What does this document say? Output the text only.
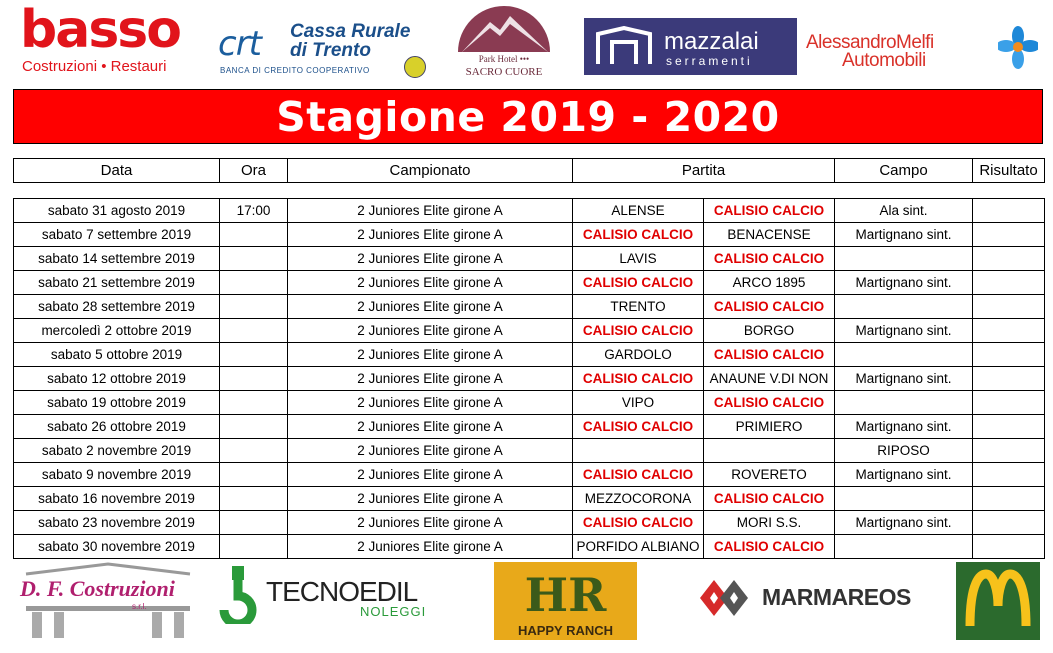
basso
Costruzioni • Restauri
crt Cassa Rurale
di Trento
BANCA DI CREDITO COOPERATIVO
Park Hotel •••
SACRO CUORE
mazzalai
serramenti
AlessandroMelfi
Automobili
Stagione 2019 - 2020
Data	Ora	Campionato	Partita	Campo	Risultato
sabato 31 agosto 2019	17:00	2 Juniores Elite girone A	ALENSE	CALISIO CALCIO	Ala sint.	
sabato 7 settembre 2019		2 Juniores Elite girone A	CALISIO CALCIO	BENACENSE	Martignano sint.	
sabato 14 settembre 2019		2 Juniores Elite girone A	LAVIS	CALISIO CALCIO		
sabato 21 settembre 2019		2 Juniores Elite girone A	CALISIO CALCIO	ARCO 1895	Martignano sint.	
sabato 28 settembre 2019		2 Juniores Elite girone A	TRENTO	CALISIO CALCIO		
mercoledì 2 ottobre 2019		2 Juniores Elite girone A	CALISIO CALCIO	BORGO	Martignano sint.	
sabato 5 ottobre 2019		2 Juniores Elite girone A	GARDOLO	CALISIO CALCIO		
sabato 12 ottobre 2019		2 Juniores Elite girone A	CALISIO CALCIO	ANAUNE V.DI NON	Martignano sint.	
sabato 19 ottobre 2019		2 Juniores Elite girone A	VIPO	CALISIO CALCIO		
sabato 26 ottobre 2019		2 Juniores Elite girone A	CALISIO CALCIO	PRIMIERO	Martignano sint.	
sabato 2 novembre 2019		2 Juniores Elite girone A			RIPOSO	
sabato 9 novembre 2019		2 Juniores Elite girone A	CALISIO CALCIO	ROVERETO	Martignano sint.	
sabato 16 novembre 2019		2 Juniores Elite girone A	MEZZOCORONA	CALISIO CALCIO		
sabato 23 novembre 2019		2 Juniores Elite girone A	CALISIO CALCIO	MORI S.S.	Martignano sint.	
sabato 30 novembre 2019		2 Juniores Elite girone A	PORFIDO ALBIANO	CALISIO CALCIO		
D. F. Costruzioni
s.r.l.	TECNOEDIL
NOLEGGI	HR
HAPPY RANCH
MARMAREOS
